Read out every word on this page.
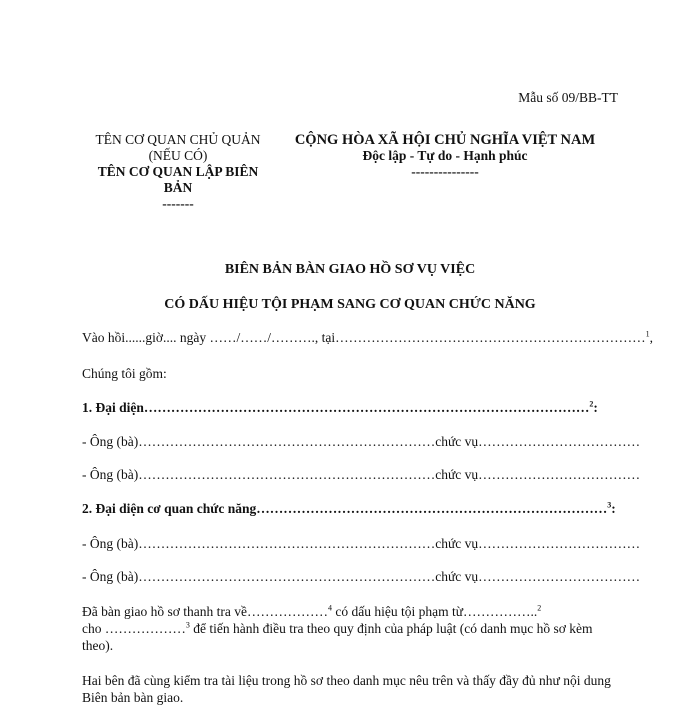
Mẫu số 09/BB-TT
TÊN CƠ QUAN CHỦ QUẢN
(NẾU CÓ)
TÊN CƠ QUAN LẬP BIÊN
BẢN
-------
CỘNG HÒA XÃ HỘI CHỦ NGHĨA VIỆT NAM
Độc lập - Tự do - Hạnh phúc
---------------
BIÊN BẢN BÀN GIAO HỒ SƠ VỤ VIỆC
CÓ DẤU HIỆU TỘI PHẠM SANG CƠ QUAN CHỨC NĂNG
Vào hồi......giờ.... ngày ……/……/………., tại……………………………………………………………$^1$,
Chúng tôi gồm:
1. Đại diện………………………………………………………………………………………$^2$:
- Ông (bà)…………………………………………………………chức vụ………………………………
- Ông (bà)…………………………………………………………chức vụ………………………………
2. Đại diện cơ quan chức năng……………………………………………………………………$^3$:
- Ông (bà)…………………………………………………………chức vụ………………………………
- Ông (bà)…………………………………………………………chức vụ………………………………
Đã bàn giao hồ sơ thanh tra về………………$^4$ có dấu hiệu tội phạm từ……………..$^2$
cho ………………$^3$ để tiến hành điều tra theo quy định của pháp luật (có danh mục hồ sơ kèm theo).
Hai bên đã cùng kiểm tra tài liệu trong hồ sơ theo danh mục nêu trên và thấy đầy đủ như nội dung Biên bản bàn giao.
